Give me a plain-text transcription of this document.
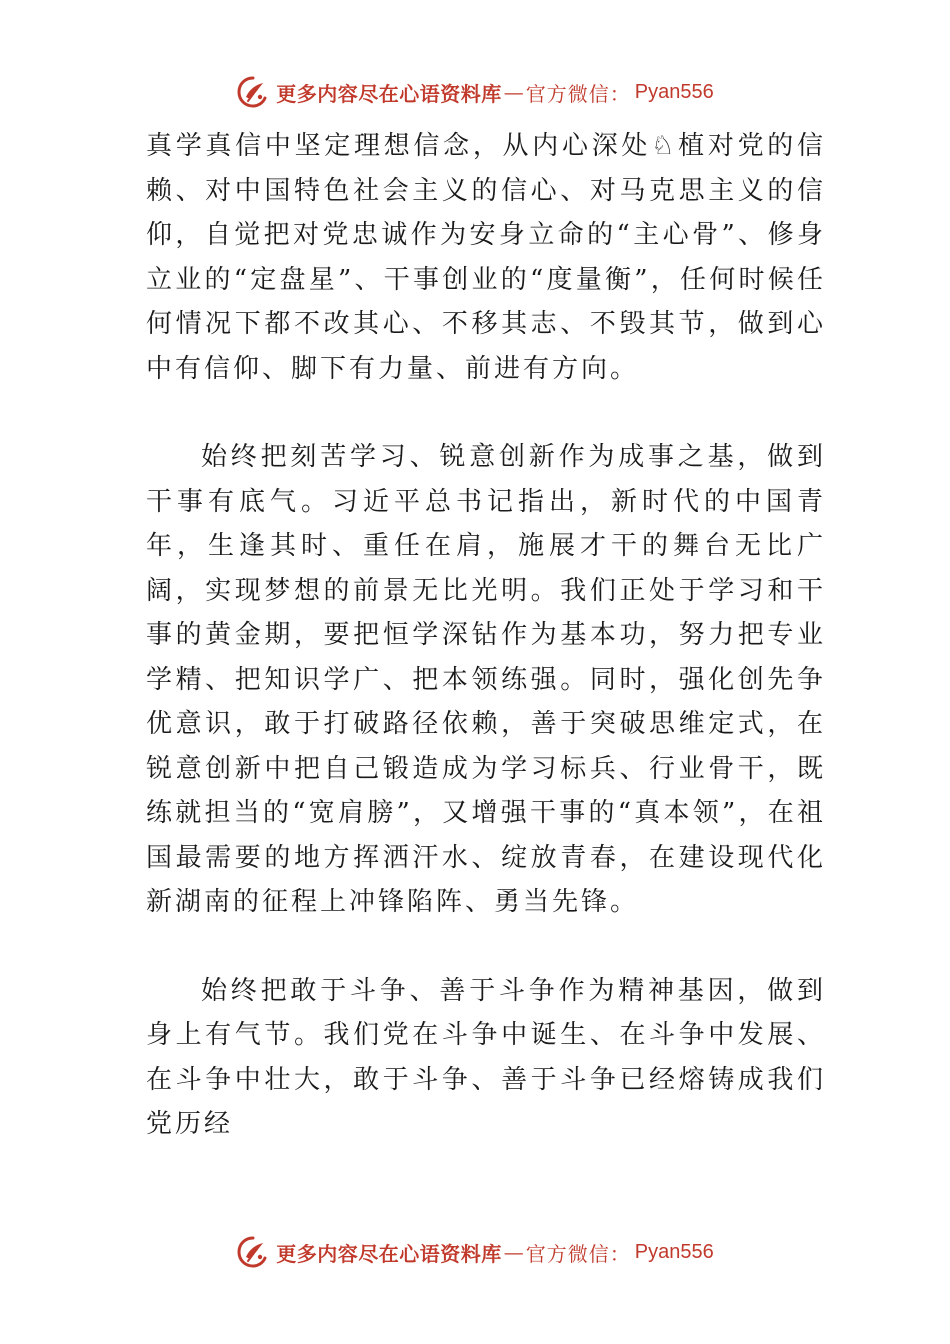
更多内容尽在心语资料库 — 官方微信： Pyan556

真学真信中坚定理想信念，从内心深处♘植对党的信赖、对中国特色社会主义的信心、对马克思主义的信仰，自觉把对党忠诚作为安身立命的“主心骨”、修身立业的“定盘星”、干事创业的“度量衡”，任何时候任何情况下都不改其心、不移其志、不毁其节，做到心中有信仰、脚下有力量、前进有方向。

始终把刻苦学习、锐意创新作为成事之基，做到干事有底气。习近平总书记指出，新时代的中国青年，生逢其时、重任在肩，施展才干的舞台无比广阔，实现梦想的前景无比光明。我们正处于学习和干事的黄金期，要把恒学深钻作为基本功，努力把专业学精、把知识学广、把本领练强。同时，强化创先争优意识，敢于打破路径依赖，善于突破思维定式，在锐意创新中把自己锻造成为学习标兵、行业骨干，既练就担当的“宽肩膀”，又增强干事的“真本领”，在祖国最需要的地方挥洒汗水、绽放青春，在建设现代化新湖南的征程上冲锋陷阵、勇当先锋。

始终把敢于斗争、善于斗争作为精神基因，做到身上有气节。我们党在斗争中诞生、在斗争中发展、在斗争中壮大，敢于斗争、善于斗争已经熔铸成我们党历经

更多内容尽在心语资料库 — 官方微信： Pyan556
